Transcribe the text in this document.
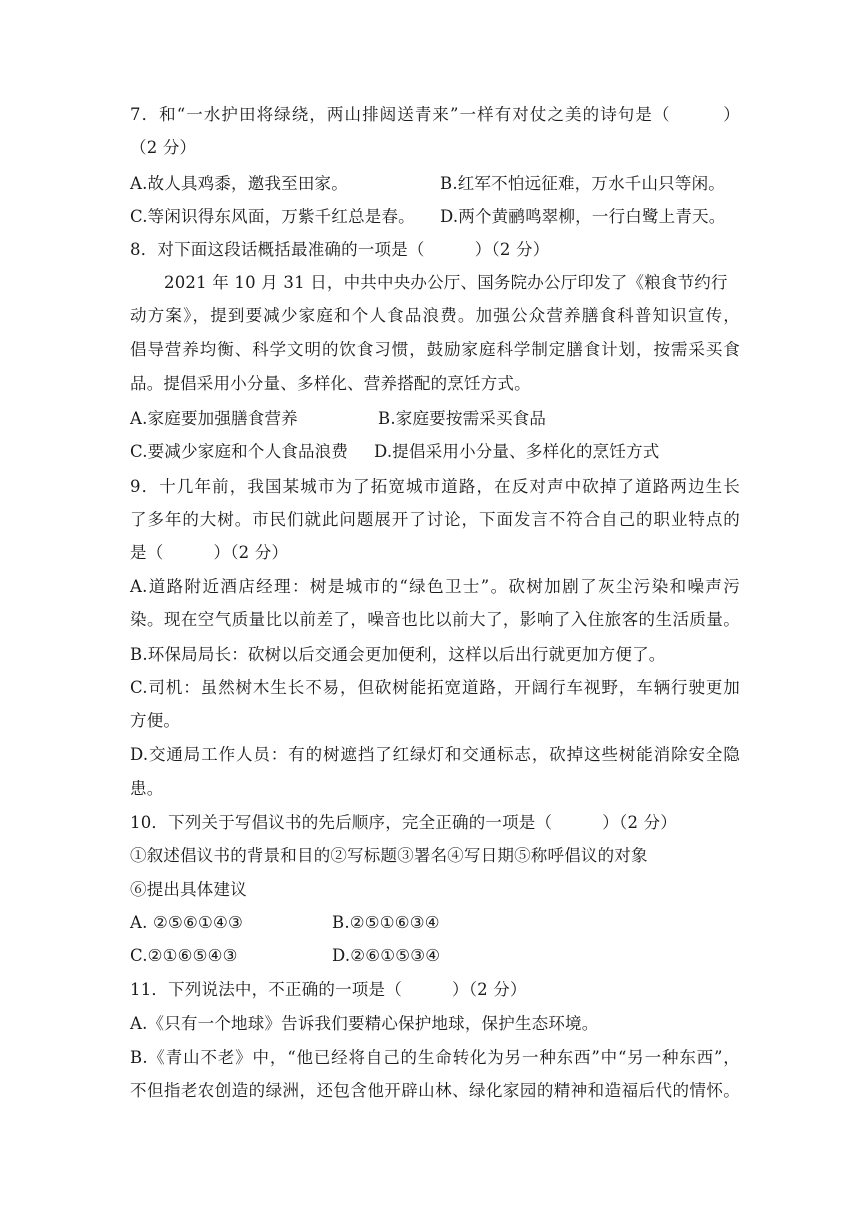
7．和“一水护田将绿绕，两山排闼送青来”一样有对仗之美的诗句是（　　　）
（2 分）
A.故人具鸡黍，邀我至田家。	B.红军不怕远征难，万水千山只等闲。
C.等闲识得东风面，万紫千红总是春。 D.两个黄鹂鸣翠柳，一行白鹭上青天。
8．对下面这段话概括最准确的一项是（　　　）（2 分）
2021 年 10 月 31 日，中共中央办公厅、国务院办公厅印发了《粮食节约行
动方案》，提到要减少家庭和个人食品浪费。加强公众营养膳食科普知识宣传，
倡导营养均衡、科学文明的饮食习惯，鼓励家庭科学制定膳食计划，按需采买食
品。提倡采用小分量、多样化、营养搭配的烹饪方式。
A.家庭要加强膳食营养	B.家庭要按需采买食品
C.要减少家庭和个人食品浪费 D.提倡采用小分量、多样化的烹饪方式
9．十几年前，我国某城市为了拓宽城市道路，在反对声中砍掉了道路两边生长
了多年的大树。市民们就此问题展开了讨论，下面发言不符合自己的职业特点的
是（　　　）（2 分）
A.道路附近酒店经理：树是城市的“绿色卫士”。砍树加剧了灰尘污染和噪声污
染。现在空气质量比以前差了，噪音也比以前大了，影响了入住旅客的生活质量。
B.环保局局长：砍树以后交通会更加便利，这样以后出行就更加方便了。
C.司机：虽然树木生长不易，但砍树能拓宽道路，开阔行车视野，车辆行驶更加
方便。
D.交通局工作人员：有的树遮挡了红绿灯和交通标志，砍掉这些树能消除安全隐
患。
10．下列关于写倡议书的先后顺序，完全正确的一项是（　　　）（2 分）
①叙述倡议书的背景和目的②写标题③署名④写日期⑤称呼倡议的对象
⑥提出具体建议
A. ②⑤⑥①④③	B.②⑤①⑥③④
C.②①⑥⑤④③	D.②⑥①⑤③④
11．下列说法中，不正确的一项是（　　　）（2 分）
A.《只有一个地球》告诉我们要精心保护地球，保护生态环境。
B.《青山不老》中，“他已经将自己的生命转化为另一种东西”中“另一种东西”，
不但指老农创造的绿洲，还包含他开辟山林、绿化家园的精神和造福后代的情怀。
